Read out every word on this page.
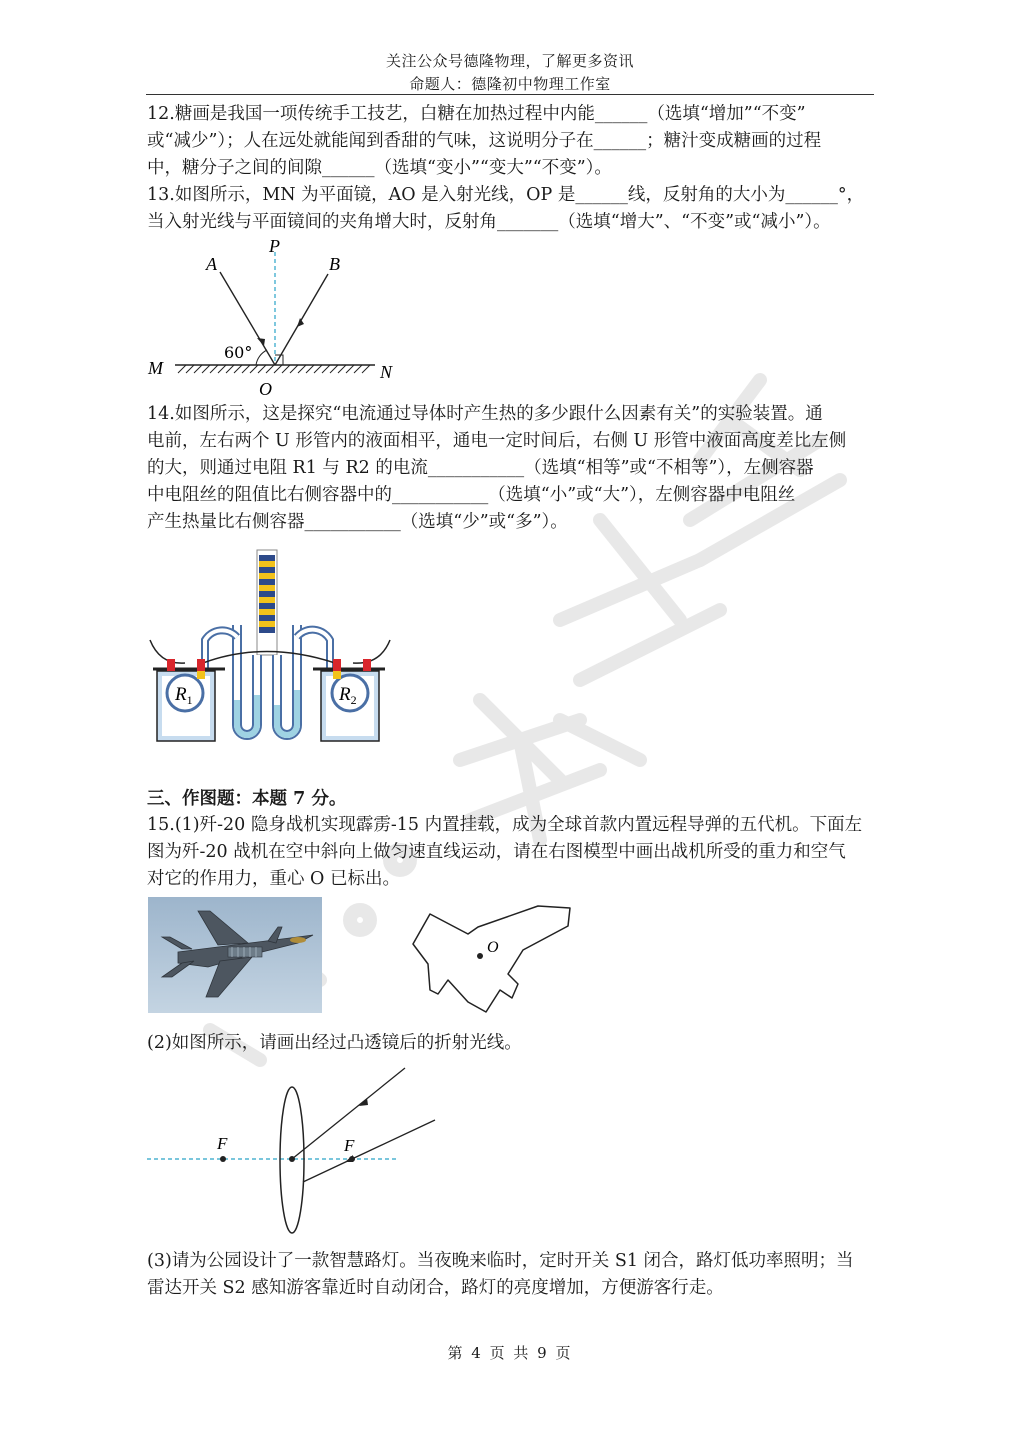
关注公众号德隆物理，了解更多资讯
命题人：德隆初中物理工作室
12.糖画是我国一项传统手工技艺，白糖在加热过程中内能______（选填“增加”“不变”
或“减少”）；人在远处就能闻到香甜的气味，这说明分子在______；糖汁变成糖画的过程
中，糖分子之间的间隙______（选填“变小”“变大”“不变”）。
13.如图所示，MN 为平面镜，AO 是入射光线，OP 是______线，反射角的大小为______°，
当入射光线与平面镜间的夹角增大时，反射角_______（选填“增大”、“不变”或“减小”）。
A
P
B
60°
M	N
O
14.如图所示，这是探究“电流通过导体时产生热的多少跟什么因素有关”的实验装置。通
电前，左右两个 U 形管内的液面相平，通电一定时间后，右侧 U 形管中液面高度差比左侧
的大，则通过电阻 R1 与 R2 的电流___________（选填“相等”或“不相等”），左侧容器
中电阻丝的阻值比右侧容器中的___________（选填“小”或“大”），左侧容器中电阻丝
产生热量比右侧容器___________（选填“少”或“多”）。
$R_1$	$R_2$
三、作图题：本题 7 分。
15.(1)歼-20 隐身战机实现霹雳-15 内置挂载，成为全球首款内置远程导弹的五代机。下面左
图为歼-20 战机在空中斜向上做匀速直线运动，请在右图模型中画出战机所受的重力和空气
对它的作用力，重心 O 已标出。
O
(2)如图所示，请画出经过凸透镜后的折射光线。
F	F
(3)请为公园设计了一款智慧路灯。当夜晚来临时，定时开关 S1 闭合，路灯低功率照明；当
雷达开关 S2 感知游客靠近时自动闭合，路灯的亮度增加，方便游客行走。
第 4 页 共 9 页
